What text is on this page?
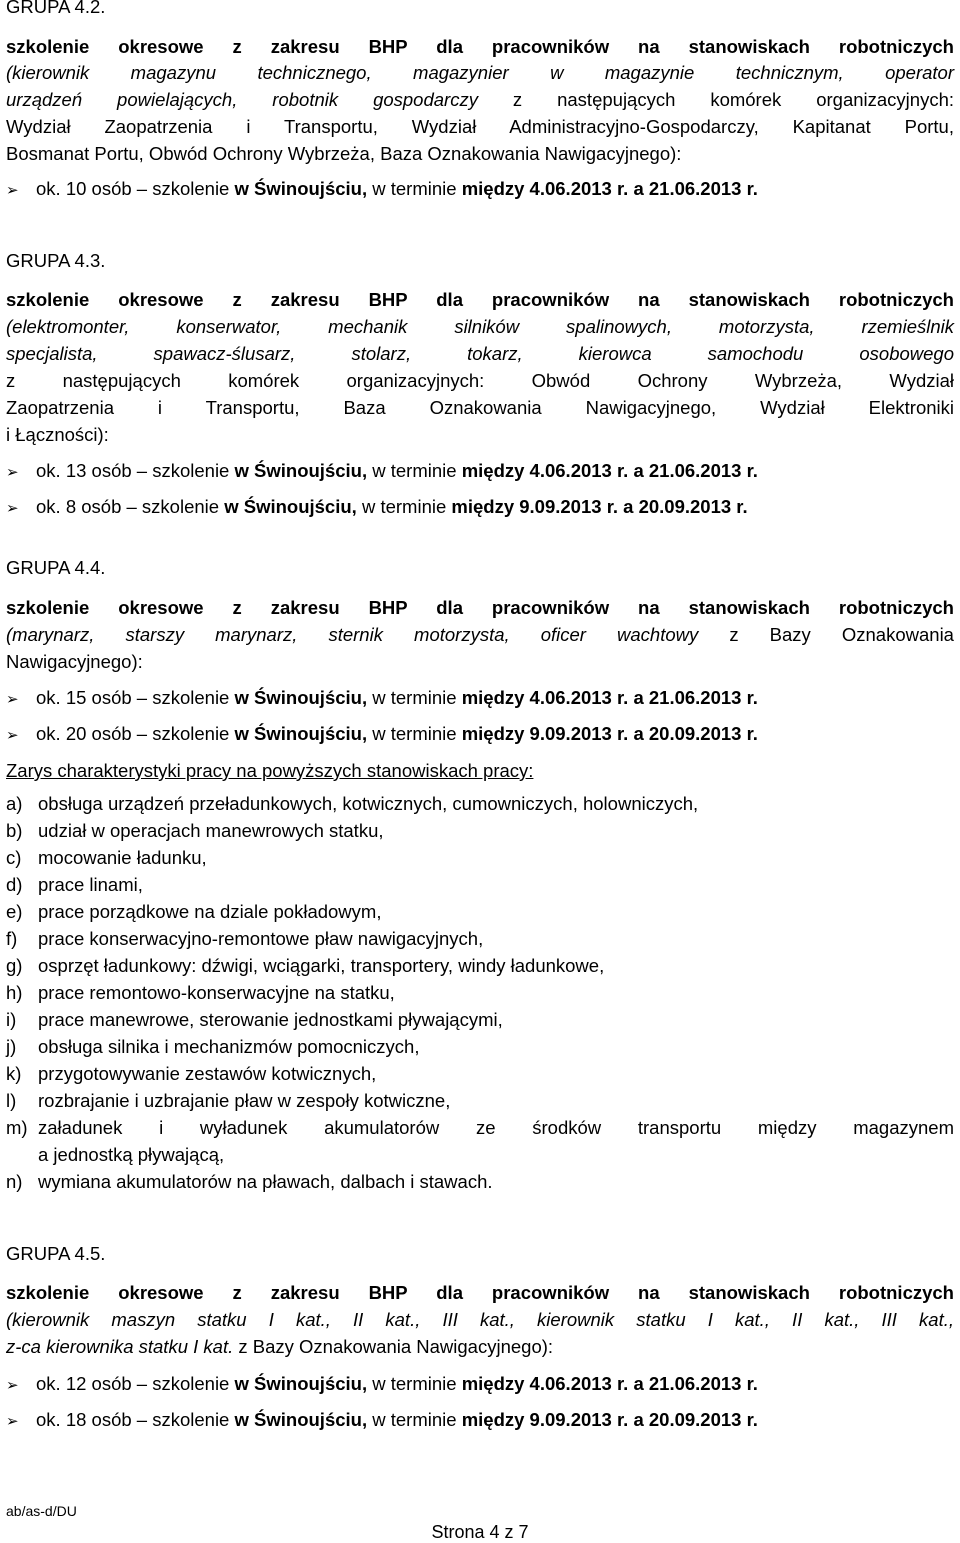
GRUPA 4.2.
szkolenie okresowe z zakresu BHP dla pracowników na stanowiskach robotniczych
(kierownik magazynu technicznego, magazynier w magazynie technicznym, operator
urządzeń powielających, robotnik gospodarczy z następujących komórek organizacyjnych:
Wydział Zaopatrzenia i Transportu, Wydział Administracyjno-Gospodarczy, Kapitanat Portu,
Bosmanat Portu, Obwód Ochrony Wybrzeża, Baza Oznakowania Nawigacyjnego):
➢ ok. 10 osób – szkolenie w Świnoujściu, w terminie między 4.06.2013 r. a 21.06.2013 r.
GRUPA 4.3.
szkolenie okresowe z zakresu BHP dla pracowników na stanowiskach robotniczych
(elektromonter, konserwator, mechanik silników spalinowych, motorzysta, rzemieślnik
specjalista, spawacz-ślusarz, stolarz, tokarz, kierowca samochodu osobowego
z następujących komórek organizacyjnych: Obwód Ochrony Wybrzeża, Wydział
Zaopatrzenia i Transportu, Baza Oznakowania Nawigacyjnego, Wydział Elektroniki
i Łączności):
➢ ok. 13 osób – szkolenie w Świnoujściu, w terminie między 4.06.2013 r. a 21.06.2013 r.
➢ ok. 8 osób – szkolenie w Świnoujściu, w terminie między 9.09.2013 r. a 20.09.2013 r.
GRUPA 4.4.
szkolenie okresowe z zakresu BHP dla pracowników na stanowiskach robotniczych
(marynarz, starszy marynarz, sternik motorzysta, oficer wachtowy z Bazy Oznakowania
Nawigacyjnego):
➢ ok. 15 osób – szkolenie w Świnoujściu, w terminie między 4.06.2013 r. a 21.06.2013 r.
➢ ok. 20 osób – szkolenie w Świnoujściu, w terminie między 9.09.2013 r. a 20.09.2013 r.
Zarys charakterystyki pracy na powyższych stanowiskach pracy:
a) obsługa urządzeń przeładunkowych, kotwicznych, cumowniczych, holowniczych,
b) udział w operacjach manewrowych statku,
c) mocowanie ładunku,
d) prace linami,
e) prace porządkowe na dziale pokładowym,
f) prace konserwacyjno-remontowe pław nawigacyjnych,
g) osprzęt ładunkowy: dźwigi, wciągarki, transportery, windy ładunkowe,
h) prace remontowo-konserwacyjne na statku,
i) prace manewrowe, sterowanie jednostkami pływającymi,
j) obsługa silnika i mechanizmów pomocniczych,
k) przygotowywanie zestawów kotwicznych,
l) rozbrajanie i uzbrajanie pław w zespoły kotwiczne,
m) załadunek i wyładunek akumulatorów ze środków transportu między magazynem
a jednostką pływającą,
n) wymiana akumulatorów na pławach, dalbach i stawach.
GRUPA 4.5.
szkolenie okresowe z zakresu BHP dla pracowników na stanowiskach robotniczych
(kierownik maszyn statku I kat., II kat., III kat., kierownik statku I kat., II kat., III kat.,
z-ca kierownika statku I kat. z Bazy Oznakowania Nawigacyjnego):
➢ ok. 12 osób – szkolenie w Świnoujściu, w terminie między 4.06.2013 r. a 21.06.2013 r.
➢ ok. 18 osób – szkolenie w Świnoujściu, w terminie między 9.09.2013 r. a 20.09.2013 r.
ab/as-d/DU
Strona 4 z 7
